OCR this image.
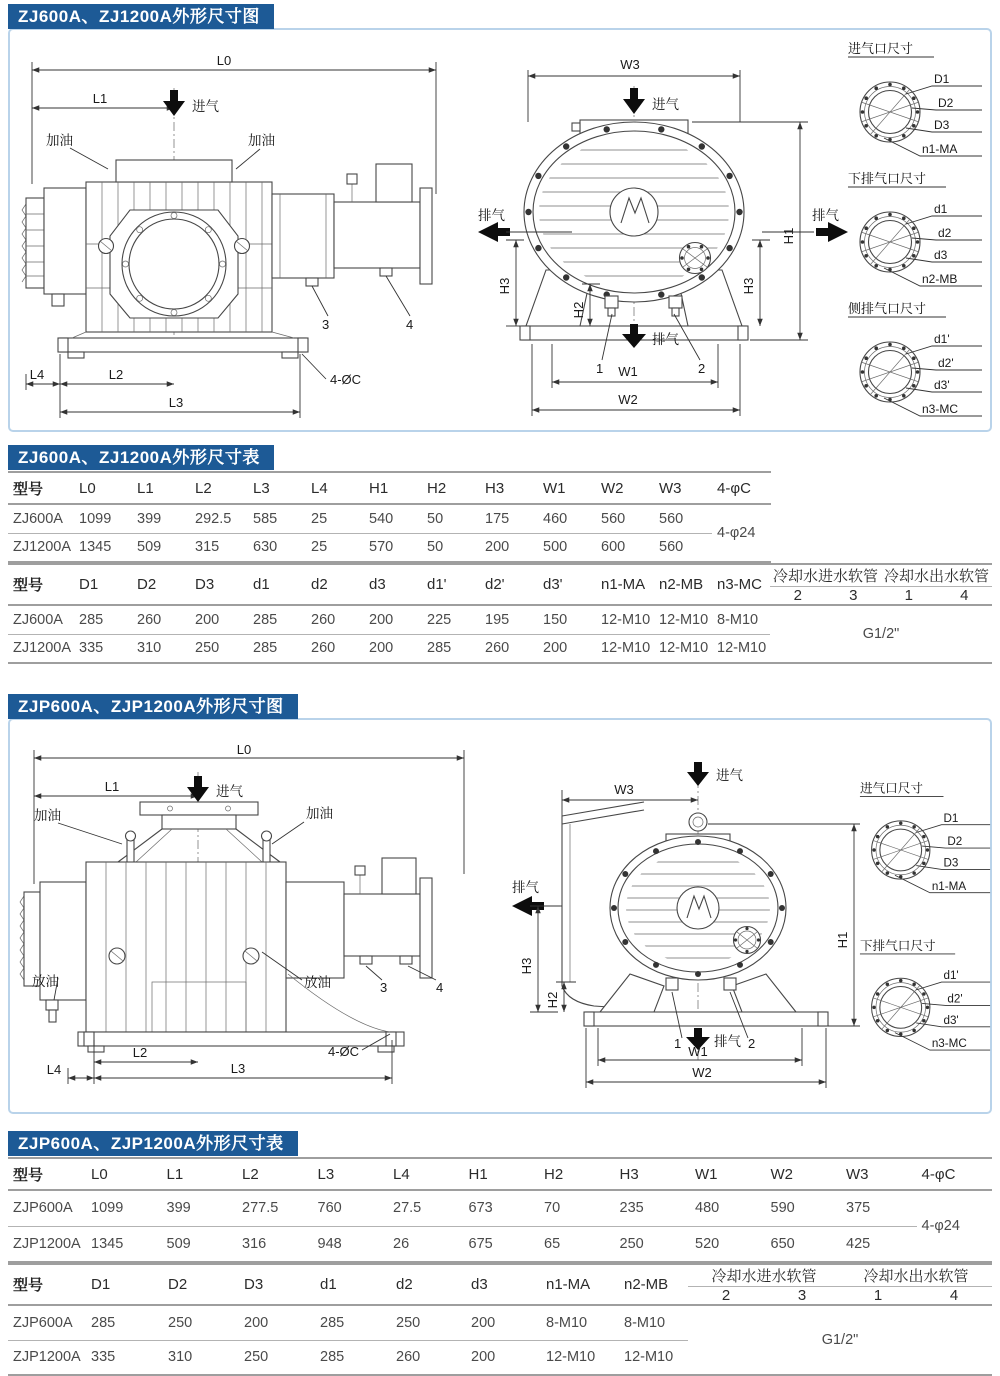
ZJ600A、ZJ1200A外形尺寸图
L0
L1
进气
加油	加油
3	4
L4	L2
L3
4-ØC
W3
进气
H1
排气	排气
H3	H3
H2
排气
1	2
W1
W2
进气口尺寸
D1
D2
D3
n1-MA
下排气口尺寸
d1
d2
d3
n2-MB
侧排气口尺寸
d1'
d2'
d3'
n3-MC
ZJ600A、ZJ1200A外形尺寸表
型号	L0	L1	L2	L3	L4	H1	H2	H3	W1	W2	W3	4-φC	
ZJ600A	1099	399	292.5	585	25	540	50	175	460	560	560	4-φ24	
ZJ1200A	1345	509	315	630	25	570	50	200	500	600	560		
型号	D1	D2	D3	d1	d2	d3	d1'	d2'	d3'	n1-MA	n2-MB	n3-MC	冷却水进水软管		冷却水出水软管	
													2	3	1	4
ZJ600A	285	260	200	285	260	200	225	195	150	12-M10	12-M10	8-M10	G1/2"			
ZJ1200A	335	310	250	285	260	200	285	260	200	12-M10	12-M10	12-M10				
ZJP600A、ZJP1200A外形尺寸图
L0
L1	进气
加油	加油
放油	放油	3	4
L2
L4	L3
4-ØC
进气
W3
H1
排气
H3
H2
排气
1	2
W1
W2
进气口尺寸
D1
D2
D3
n1-MA
下排气口尺寸
d1'
d2'
d3'
n3-MC
ZJP600A、ZJP1200A外形尺寸表
型号	L0	L1	L2	L3	L4	H1	H2	H3	W1	W2	W3	4-φC
ZJP600A	1099	399	277.5	760	27.5	673	70	235	480	590	375	4-φ24
ZJP1200A	1345	509	316	948	26	675	65	250	520	650	425	
型号	D1	D2	D3	d1	d2	d3	n1-MA	n2-MB	冷却水进水软管		冷却水出水软管	
									2	3	1	4
ZJP600A	285	250	200	285	250	200	8-M10	8-M10	G1/2"			
ZJP1200A	335	310	250	285	260	200	12-M10	12-M10				
